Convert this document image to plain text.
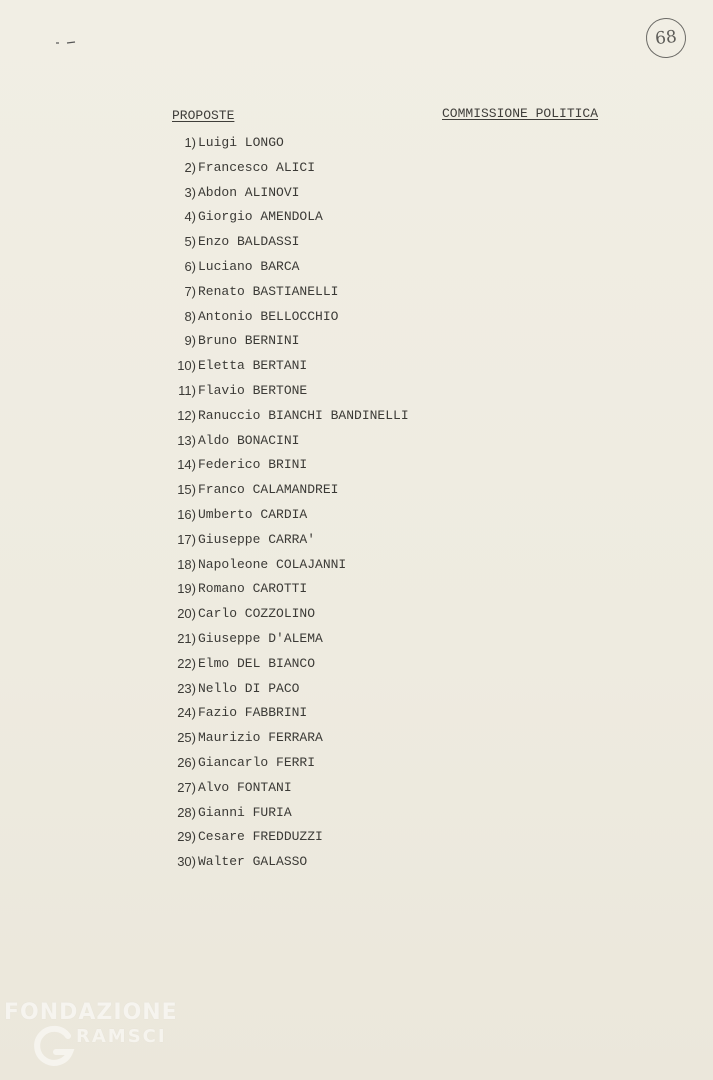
68
PROPOSTE	COMMISSIONE POLITICA
1) Luigi LONGO
2) Francesco ALICI
3) Abdon ALINOVI
4) Giorgio AMENDOLA
5) Enzo BALDASSI
6) Luciano BARCA
7) Renato BASTIANELLI
8) Antonio BELLOCCHIO
9) Bruno BERNINI
10) Eletta BERTANI
11) Flavio BERTONE
12) Ranuccio BIANCHI BANDINELLI
13) Aldo BONACINI
14) Federico BRINI
15) Franco CALAMANDREI
16) Umberto CARDIA
17) Giuseppe CARRA'
18) Napoleone COLAJANNI
19) Romano CAROTTI
20) Carlo COZZOLINO
21) Giuseppe D'ALEMA
22) Elmo DEL BIANCO
23) Nello DI PACO
24) Fazio FABBRINI
25) Maurizio FERRARA
26) Giancarlo FERRI
27) Alvo FONTANI
28) Gianni FURIA
29) Cesare FREDDUZZI
30) Walter GALASSO
FONDAZIONE
RAMSCI
